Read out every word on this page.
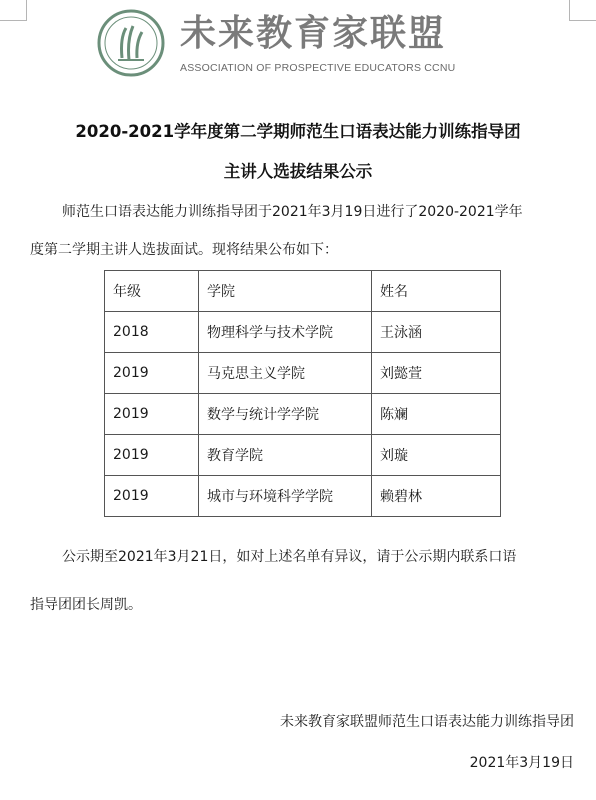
未来教育家联盟
ASSOCIATION OF PROSPECTIVE EDUCATORS CCNU
2020-2021学年度第二学期师范生口语表达能力训练指导团
主讲人选拔结果公示
师范生口语表达能力训练指导团于2021年3月19日进行了2020-2021学年
度第二学期主讲人选拔面试。现将结果公布如下：
年级	学院	姓名
2018	物理科学与技术学院	王泳涵
2019	马克思主义学院	刘懿萱
2019	数学与统计学学院	陈斓
2019	教育学院	刘璇
2019	城市与环境科学学院	赖碧林
公示期至2021年3月21日，如对上述名单有异议，请于公示期内联系口语
指导团团长周凯。
未来教育家联盟师范生口语表达能力训练指导团
2021年3月19日
